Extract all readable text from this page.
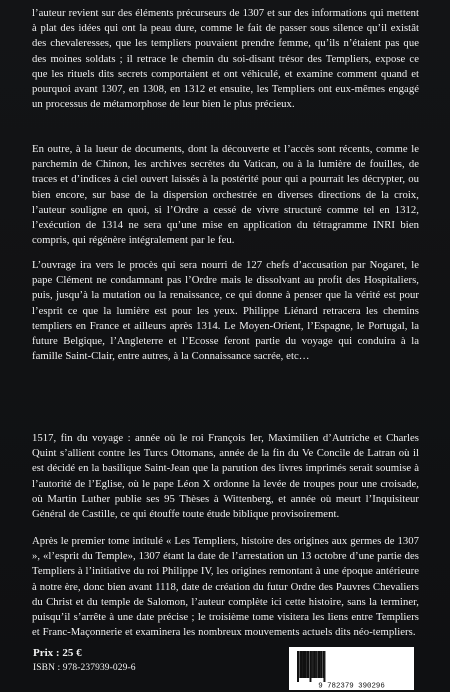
l’auteur revient sur des éléments précurseurs de 1307 et sur des informations qui mettent à plat des idées qui ont la peau dure, comme le fait de passer sous silence qu’il existât des chevaleresses, que les templiers pouvaient prendre femme, qu’ils n’étaient pas que des moines soldats ; il retrace le chemin du soi-disant trésor des Templiers, expose ce que les rituels dits secrets comportaient et ont véhiculé, et examine comment quand et pourquoi avant 1307, en 1308, en 1312 et ensuite, les Templiers ont eux-mêmes engagé un processus de métamorphose de leur bien le plus précieux.
En outre, à la lueur de documents, dont la découverte et l’accès sont récents, comme le parchemin de Chinon, les archives secrètes du Vatican, ou à la lumière de fouilles, de traces et d’indices à ciel ouvert laissés à la postérité pour qui a pourrait les décrypter, ou bien encore, sur base de la dispersion orchestrée en diverses directions de la croix, l’auteur souligne en quoi, si l’Ordre a cessé de vivre structuré comme tel en 1312, l’exécution de 1314 ne sera qu’une mise en application du tétragramme INRI bien compris, qui régénère intégralement par le feu.
L’ouvrage ira vers le procès qui sera nourri de 127 chefs d’accusation par Nogaret, le pape Clément ne condamnant pas l’Ordre mais le dissolvant au profit des Hospitaliers, puis, jusqu’à la mutation ou la renaissance, ce qui donne à penser que la vérité est pour l’esprit ce que la lumière est pour les yeux. Philippe Liénard retracera les chemins templiers en France et ailleurs après 1314. Le Moyen-Orient, l’Espagne, le Portugal, la future Belgique, l’Angleterre et l’Ecosse feront partie du voyage qui conduira à la famille Saint-Clair, entre autres, à la Connaissance sacrée, etc…
1517, fin du voyage : année où le roi François Ier, Maximilien d’Autriche et Charles Quint s’allient contre les Turcs Ottomans, année de la fin du Ve Concile de Latran où il est décidé en la basilique Saint-Jean que la parution des livres imprimés serait soumise à l’autorité de l’Eglise, où le pape Léon X ordonne la levée de troupes pour une croisade, où Martin Luther publie ses 95 Thèses à Wittenberg, et année où meurt l’Inquisiteur Général de Castille, ce qui étouffe toute étude biblique provisoirement.
Après le premier tome intitulé « Les Templiers, histoire des origines aux germes de 1307 », «l’esprit du Temple», 1307 étant la date de l’arrestation un 13 octobre d’une partie des Templiers à l’initiative du roi Philippe IV, les origines remontant à une époque antérieure à notre ère, donc bien avant 1118, date de création du futur Ordre des Pauvres Chevaliers du Christ et du temple de Salomon, l’auteur complète ici cette histoire, sans la terminer, puisqu’il s’arrête à une date précise ; le troisième tome visitera les liens entre Templiers et Franc-Maçonnerie et examinera les nombreux mouvements actuels dits néo-templiers.
Prix : 25 €
ISBN : 978-237939-029-6
9 782379 390296
